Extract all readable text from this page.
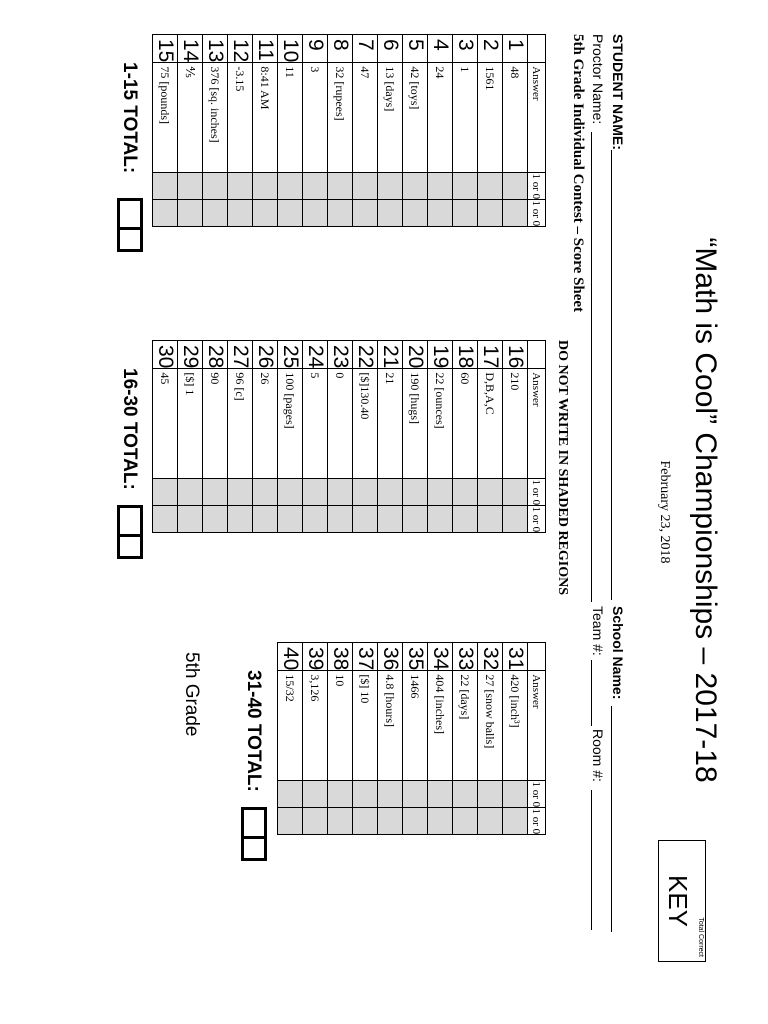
“Math is Cool” Championships – 2017-18
February 23, 2018
Total Correct
KEY
STUDENT NAME:
School Name:
Proctor Name:
Team #:
Room #:
5th Grade Individual Contest – Score Sheet
DO NOT WRITE IN SHADED REGIONS
	Answer	1 or 0	1 or 0
1	48		
2	1561		
3	1		
4	24		
5	42 [toys]		
6	13 [days]		
7	47		
8	32 [rupees]		
9	3		
10	11		
11	8:41 AM		
12	-3.15		
13	376 [sq. inches]		
14	⅘		
15	75 [pounds]		
1-15 TOTAL:
	Answer	1 or 0	1 or 0
16	210		
17	D,B,A,C		
18	60		
19	22 [ounces]		
20	190 [hugs]		
21	21		
22	[$]130.40		
23	0		
24	5		
25	100 [pages]		
26	26		
27	96 [c]		
28	90		
29	[$] 1		
30	45		
16-30 TOTAL:
	Answer	1 or 0	1 or 0
31	420 [inch³]		
32	27 [snow balls]		
33	22 [days]		
34	404 [inches]		
35	1466		
36	4.8 [hours]		
37	[$] 10		
38	10		
39	3,126		
40	15/32		
31-40 TOTAL:
5th Grade
